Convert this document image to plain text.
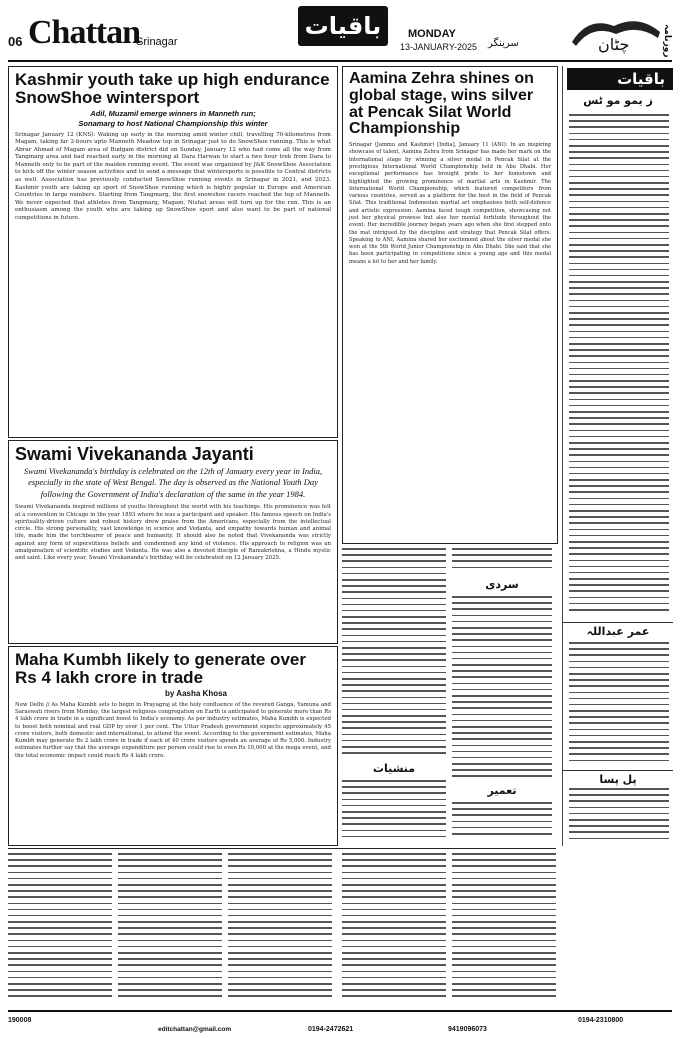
06 Chattan
Srinagar
باقیات	MONDAY
13-JANUARY-2025 سرینگر	چٹان	روزنامہ
Kashmir youth take up high endurance SnowShoe wintersport
Adil, Muzamil emerge winners in Manneth run;
Sonamarg to host National Championship this winter
Srinagar January 12 (KNS): Waking up early in the morning amid winter chill, travelling 70-kilometres from Magam, taking far 2-hours upto Manneth Meadow top in Srinagar just to do SnowShoe running. This is what Abrar Ahmad of Magam area of Budgam district did on Sunday, January 12 who had come all the way from Tangmarg area and had reached early in the morning at Dara Harwan to start a two hour trek from Dara to Manneth only to be part of the maiden running event. The event was organized by J&K SnowShoe Association to kick off the winter season activities and to send a message that wintersports is possible to Central districts as well. Association has previously conducted SnowShoe running events in Srinagar in 2021, and 2023. Kashmir youth are taking up sport of SnowShoe running which is highly popular in Europe and American Countries in large numbers. Starting from Tangmarg, the first snowshoe racers reached the top of Manneth. We never expected that athletes from Tangmarg, Magam, Nishat areas will turn up for the run. This is an enthusiasm among the youth who are taking up SnowShoe sport and also want to be part of national competitions in future.
Swami Vivekananda Jayanti
Swami Vivekananda's birthday is celebrated on the 12th of January every year in India, especially in the state of West Bengal. The day is observed as the National Youth Day following the Government of India's declaration of the same in the year 1984.
Swami Vivekananda inspired millions of youths throughout the world with his teachings. His prominence was felt at a convention in Chicago in the year 1893 where he was a participant and speaker. His famous speech on India's spirituality-driven culture and robust history drew praise from the Americans, especially from the intellectual circle. His strong personality, vast knowledge in science and Vedanta, and empathy towards human and animal life, made him the torchbearer of peace and humanity. It should also be noted that Vivekananda was strictly against any form of superstitious beliefs and condemned any kind of violence. His approach to religion was an amalgamation of scientific studies and Vedanta. He was also a devoted disciple of Ramakrishna, a Hindu mystic and saint. Like every year, Swami Vivekananda's birthday will be celebrated on 12 January 2025.
Maha Kumbh likely to generate over Rs 4 lakh crore in trade
by Aasha Khosa
New Delhi // As Maha Kumbh sets to begin in Prayagraj at the holy confluence of the revered Ganga, Yamuna and Saraswati rivers from Monday, the largest religious congregation on Earth is anticipated to generate more than Rs 4 lakh crore in trade in a significant boost to India's economy. As per industry estimates, Maha Kumbh is expected to boost both nominal and real GDP by over 1 per cent. The Uttar Pradesh government expects approximately 45 crore visitors, both domestic and international, to attend the event. According to the government estimates, Maha Kumbh may generate Rs 2 lakh crore in trade if each of 40 crore visitors spends an average of Rs 5,000. Industry estimates further say that the average expenditure per person could rise to even Rs 10,000 at the mega event, and the total economic impact could reach Rs 4 lakh crore.
Aamina Zehra shines on global stage, wins silver at Pencak Silat World Championship
Srinagar (Jammu and Kashmir) [India], January 11 (ANI): In an inspiring showcase of talent, Aamina Zehra from Srinagar has made her mark on the international stage by winning a silver medal in Pencak Silat at the prestigious International World Championship held in Abu Dhabi. Her exceptional performance has brought pride to her hometown and highlighted the growing prominence of martial arts in Kashmir. The International World Championship, which featured competitors from various countries, served as a platform for the best in the field of Pencak Silat. This traditional Indonesian martial art emphasises both self-defence and artistic expression. Aamina faced tough competition, showcasing not just her physical prowess but also her mental fortitude throughout the event. Her incredible journey began years ago when she first stepped onto the mat intrigued by the discipline and strategy that Pencak Silat offers. Speaking to ANI, Aamina shared her excitement about the silver medal she won at the 5th World Junior Championship in Abu Dhabi. She said that she has been participating in competitions since a young age and this medal means a lot to her and her family.
باقیات
ز یمو مو ٹس
عمر عبداللہ
پل پسا
سردی
منشیات
تعمیر
190008
editchattan@gmail.com	0194-2472621	9419096073
0194-2310800
